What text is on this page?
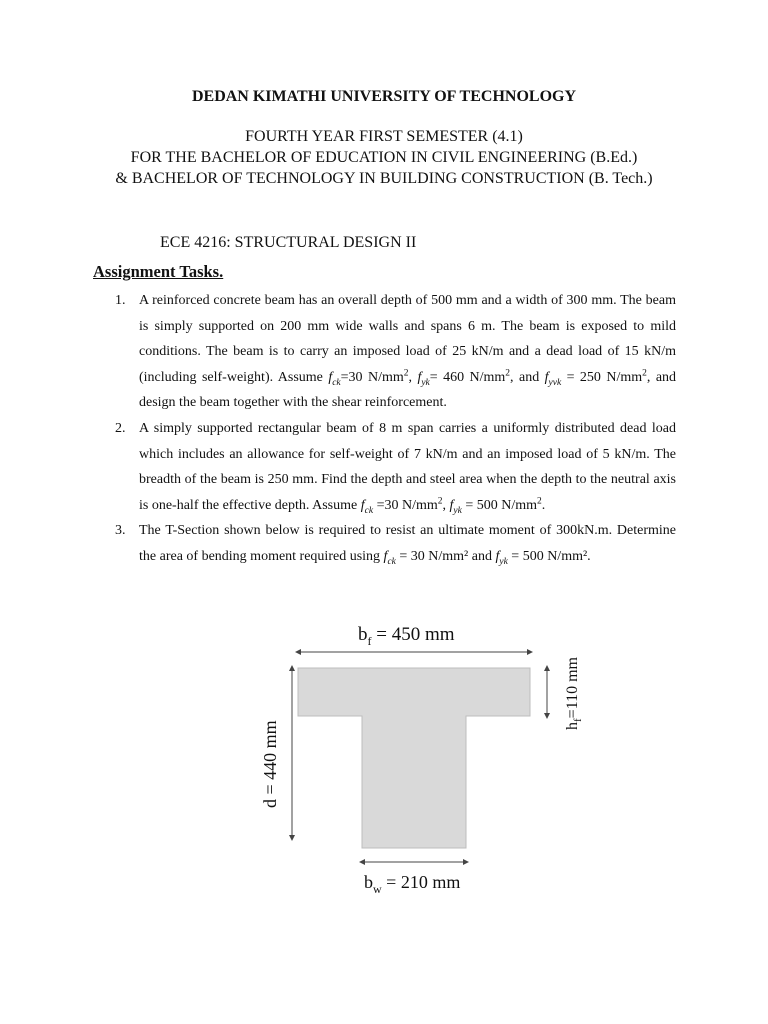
DEDAN KIMATHI UNIVERSITY OF TECHNOLOGY
FOURTH YEAR FIRST SEMESTER (4.1)
FOR THE BACHELOR OF EDUCATION IN CIVIL ENGINEERING (B.Ed.)
& BACHELOR OF TECHNOLOGY IN BUILDING CONSTRUCTION (B. Tech.)
ECE 4216: STRUCTURAL DESIGN II
Assignment Tasks.
1. A reinforced concrete beam has an overall depth of 500 mm and a width of 300 mm. The beam is simply supported on 200 mm wide walls and spans 6 m. The beam is exposed to mild conditions. The beam is to carry an imposed load of 25 kN/m and a dead load of 15 kN/m (including self-weight). Assume $f_{ck}=30$ $N/mm^2$, $f_{yk}= 460$ $N/mm^2$, and $f_{yvk} = 250$ $N/mm^2$, and design the beam together with the shear reinforcement.
2. A simply supported rectangular beam of 8 m span carries a uniformly distributed dead load which includes an allowance for self-weight of 7 kN/m and an imposed load of 5 kN/m. The breadth of the beam is 250 mm. Find the depth and steel area when the depth to the neutral axis is one-half the effective depth. Assume $f_{ck} =30$ $N/mm^2$, $f_{yk} = 500$ $N/mm^2$.
3. The T-Section shown below is required to resist an ultimate moment of 300kN.m. Determine the area of bending moment required using $f_{ck} = 30$ N/mm² and $f_{yk} = 500$ N/mm².
$b_f = 450$ mm
$h_f=110$ mm
d = 440 mm
$b_w = 210$ mm
